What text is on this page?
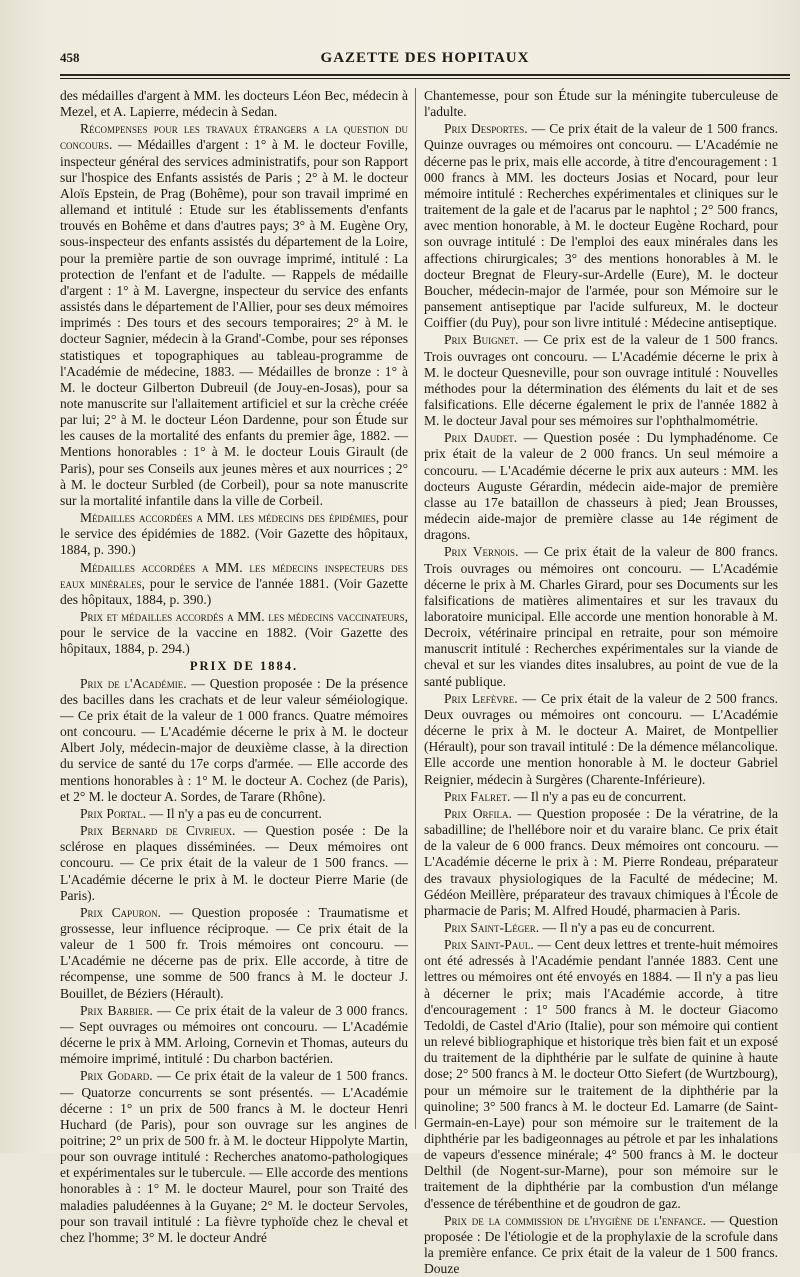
458	GAZETTE DES HOPITAUX

des médailles d'argent à MM. les docteurs Léon Bec, médecin à Mezel, et A. Lapierre, médecin à Sedan.

Récompenses pour les travaux étrangers a la question du concours. — Médailles d'argent : 1° à M. le docteur Foville, inspecteur général des services administratifs, pour son Rapport sur l'hospice des Enfants assistés de Paris ; 2° à M. le docteur Aloïs Epstein, de Prag (Bohême), pour son travail imprimé en allemand et intitulé : Etude sur les établissements d'enfants trouvés en Bohême et dans d'autres pays; 3° à M. Eugène Ory, sous-inspecteur des enfants assistés du département de la Loire, pour la première partie de son ouvrage imprimé, intitulé : La protection de l'enfant et de l'adulte. — Rappels de médaille d'argent : 1° à M. Lavergne, inspecteur du service des enfants assistés dans le département de l'Allier, pour ses deux mémoires imprimés : Des tours et des secours temporaires; 2° à M. le docteur Sagnier, médecin à la Grand'-Combe, pour ses réponses statistiques et topographiques au tableau-programme de l'Académie de médecine, 1883. — Médailles de bronze : 1° à M. le docteur Gilberton Dubreuil (de Jouy-en-Josas), pour sa note manuscrite sur l'allaitement artificiel et sur la crèche créée par lui; 2° à M. le docteur Léon Dardenne, pour son Étude sur les causes de la mortalité des enfants du premier âge, 1882. — Mentions honorables : 1° à M. le docteur Louis Girault (de Paris), pour ses Conseils aux jeunes mères et aux nourrices ; 2° à M. le docteur Surbled (de Corbeil), pour sa note manuscrite sur la mortalité infantile dans la ville de Corbeil.

Médailles accordées a MM. les médecins des épidémies, pour le service des épidémies de 1882. (Voir Gazette des hôpitaux, 1884, p. 390.)

Médailles accordées a MM. les médecins inspecteurs des eaux minérales, pour le service de l'année 1881. (Voir Gazette des hôpitaux, 1884, p. 390.)

Prix et médailles accordés a MM. les médecins vaccinateurs, pour le service de la vaccine en 1882. (Voir Gazette des hôpitaux, 1884, p. 294.)

PRIX DE 1884.

Prix de l'Académie. — Question proposée : De la présence des bacilles dans les crachats et de leur valeur séméiologique. — Ce prix était de la valeur de 1 000 francs. Quatre mémoires ont concouru. — L'Académie décerne le prix à M. le docteur Albert Joly, médecin-major de deuxième classe, à la direction du service de santé du 17e corps d'armée. — Elle accorde des mentions honorables à : 1° M. le docteur A. Cochez (de Paris), et 2° M. le docteur A. Sordes, de Tarare (Rhône).

Prix Portal. — Il n'y a pas eu de concurrent.

Prix Bernard de Civrieux. — Question posée : De la sclérose en plaques disséminées. — Deux mémoires ont concouru. — Ce prix était de la valeur de 1 500 francs. — L'Académie décerne le prix à M. le docteur Pierre Marie (de Paris).

Prix Capuron. — Question proposée : Traumatisme et grossesse, leur influence réciproque. — Ce prix était de la valeur de 1 500 fr. Trois mémoires ont concouru. — L'Académie ne décerne pas de prix. Elle accorde, à titre de récompense, une somme de 500 francs à M. le docteur J. Bouillet, de Béziers (Hérault).

Prix Barbier. — Ce prix était de la valeur de 3 000 francs. — Sept ouvrages ou mémoires ont concouru. — L'Académie décerne le prix à MM. Arloing, Cornevin et Thomas, auteurs du mémoire imprimé, intitulé : Du charbon bactérien.

Prix Godard. — Ce prix était de la valeur de 1 500 francs. — Quatorze concurrents se sont présentés. — L'Académie décerne : 1° un prix de 500 francs à M. le docteur Henri Huchard (de Paris), pour son ouvrage sur les angines de poitrine; 2° un prix de 500 fr. à M. le docteur Hippolyte Martin, pour son ouvrage intitulé : Recherches anatomo-pathologiques et expérimentales sur le tubercule. — Elle accorde des mentions honorables à : 1° M. le docteur Maurel, pour son Traité des maladies paludéennes à la Guyane; 2° M. le docteur Servoles, pour son travail intitulé : La fièvre typhoïde chez le cheval et chez l'homme; 3° M. le docteur André

Chantemesse, pour son Étude sur la méningite tuberculeuse de l'adulte.

Prix Desportes. — Ce prix était de la valeur de 1 500 francs. Quinze ouvrages ou mémoires ont concouru. — L'Académie ne décerne pas le prix, mais elle accorde, à titre d'encouragement : 1 000 francs à MM. les docteurs Josias et Nocard, pour leur mémoire intitulé : Recherches expérimentales et cliniques sur le traitement de la gale et de l'acarus par le naphtol ; 2° 500 francs, avec mention honorable, à M. le docteur Eugène Rochard, pour son ouvrage intitulé : De l'emploi des eaux minérales dans les affections chirurgicales; 3° des mentions honorables à M. le docteur Bregnat de Fleury-sur-Ardelle (Eure), M. le docteur Boucher, médecin-major de l'armée, pour son Mémoire sur le pansement antiseptique par l'acide sulfureux, M. le docteur Coiffier (du Puy), pour son livre intitulé : Médecine antiseptique.

Prix Buignet. — Ce prix est de la valeur de 1 500 francs. Trois ouvrages ont concouru. — L'Académie décerne le prix à M. le docteur Quesneville, pour son ouvrage intitulé : Nouvelles méthodes pour la détermination des éléments du lait et de ses falsifications. Elle décerne également le prix de l'année 1882 à M. le docteur Javal pour ses mémoires sur l'ophthalmométrie.

Prix Daudet. — Question posée : Du lymphadénome. Ce prix était de la valeur de 2 000 francs. Un seul mémoire a concouru. — L'Académie décerne le prix aux auteurs : MM. les docteurs Auguste Gérardin, médecin aide-major de première classe au 17e bataillon de chasseurs à pied; Jean Brousses, médecin aide-major de première classe au 14e régiment de dragons.

Prix Vernois. — Ce prix était de la valeur de 800 francs. Trois ouvrages ou mémoires ont concouru. — L'Académie décerne le prix à M. Charles Girard, pour ses Documents sur les falsifications de matières alimentaires et sur les travaux du laboratoire municipal. Elle accorde une mention honorable à M. Decroix, vétérinaire principal en retraite, pour son mémoire manuscrit intitulé : Recherches expérimentales sur la viande de cheval et sur les viandes dites insalubres, au point de vue de la santé publique.

Prix Lefèvre. — Ce prix était de la valeur de 2 500 francs. Deux ouvrages ou mémoires ont concouru. — L'Académie décerne le prix à M. le docteur A. Mairet, de Montpellier (Hérault), pour son travail intitulé : De la démence mélancolique. Elle accorde une mention honorable à M. le docteur Gabriel Reignier, médecin à Surgères (Charente-Inférieure).

Prix Falret. — Il n'y a pas eu de concurrent.

Prix Orfila. — Question proposée : De la vératrine, de la sabadilline; de l'hellébore noir et du varaire blanc. Ce prix était de la valeur de 6 000 francs. Deux mémoires ont concouru. — L'Académie décerne le prix à : M. Pierre Rondeau, préparateur des travaux physiologiques de la Faculté de médecine; M. Gédéon Meillère, préparateur des travaux chimiques à l'École de pharmacie de Paris; M. Alfred Houdé, pharmacien à Paris.

Prix Saint-Léger. — Il n'y a pas eu de concurrent.

Prix Saint-Paul. — Cent deux lettres et trente-huit mémoires ont été adressés à l'Académie pendant l'année 1883. Cent une lettres ou mémoires ont été envoyés en 1884. — Il n'y a pas lieu à décerner le prix; mais l'Académie accorde, à titre d'encouragement : 1° 500 francs à M. le docteur Giacomo Tedoldi, de Castel d'Ario (Italie), pour son mémoire qui contient un relevé bibliographique et historique très bien fait et un exposé du traitement de la diphthérie par le sulfate de quinine à haute dose; 2° 500 francs à M. le docteur Otto Siefert (de Wurtzbourg), pour un mémoire sur le traitement de la diphthérie par la quinoline; 3° 500 francs à M. le docteur Ed. Lamarre (de Saint-Germain-en-Laye) pour son mémoire sur le traitement de la diphthérie par les badigeonnages au pétrole et par les inhalations de vapeurs d'essence minérale; 4° 500 francs à M. le docteur Delthil (de Nogent-sur-Marne), pour son mémoire sur le traitement de la diphthérie par la combustion d'un mélange d'essence de térébenthine et de goudron de gaz.

Prix de la commission de l'hygiène de l'enfance. — Question proposée : De l'étiologie et de la prophylaxie de la scrofule dans la première enfance. Ce prix était de la valeur de 1 500 francs. Douze
